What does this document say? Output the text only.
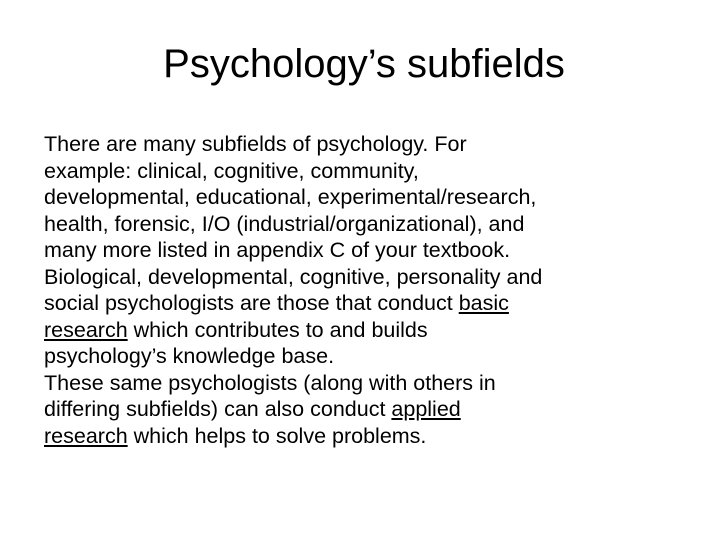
Psychology’s subfields
There are many subfields of psychology. For
example: clinical, cognitive, community,
developmental, educational, experimental/research,
health, forensic, I/O (industrial/organizational), and
many more listed in appendix C of your textbook.
Biological, developmental, cognitive, personality and
social psychologists are those that conduct basic
research which contributes to and builds
psychology’s knowledge base.
These same psychologists (along with others in
differing subfields) can also conduct applied
research which helps to solve problems.
